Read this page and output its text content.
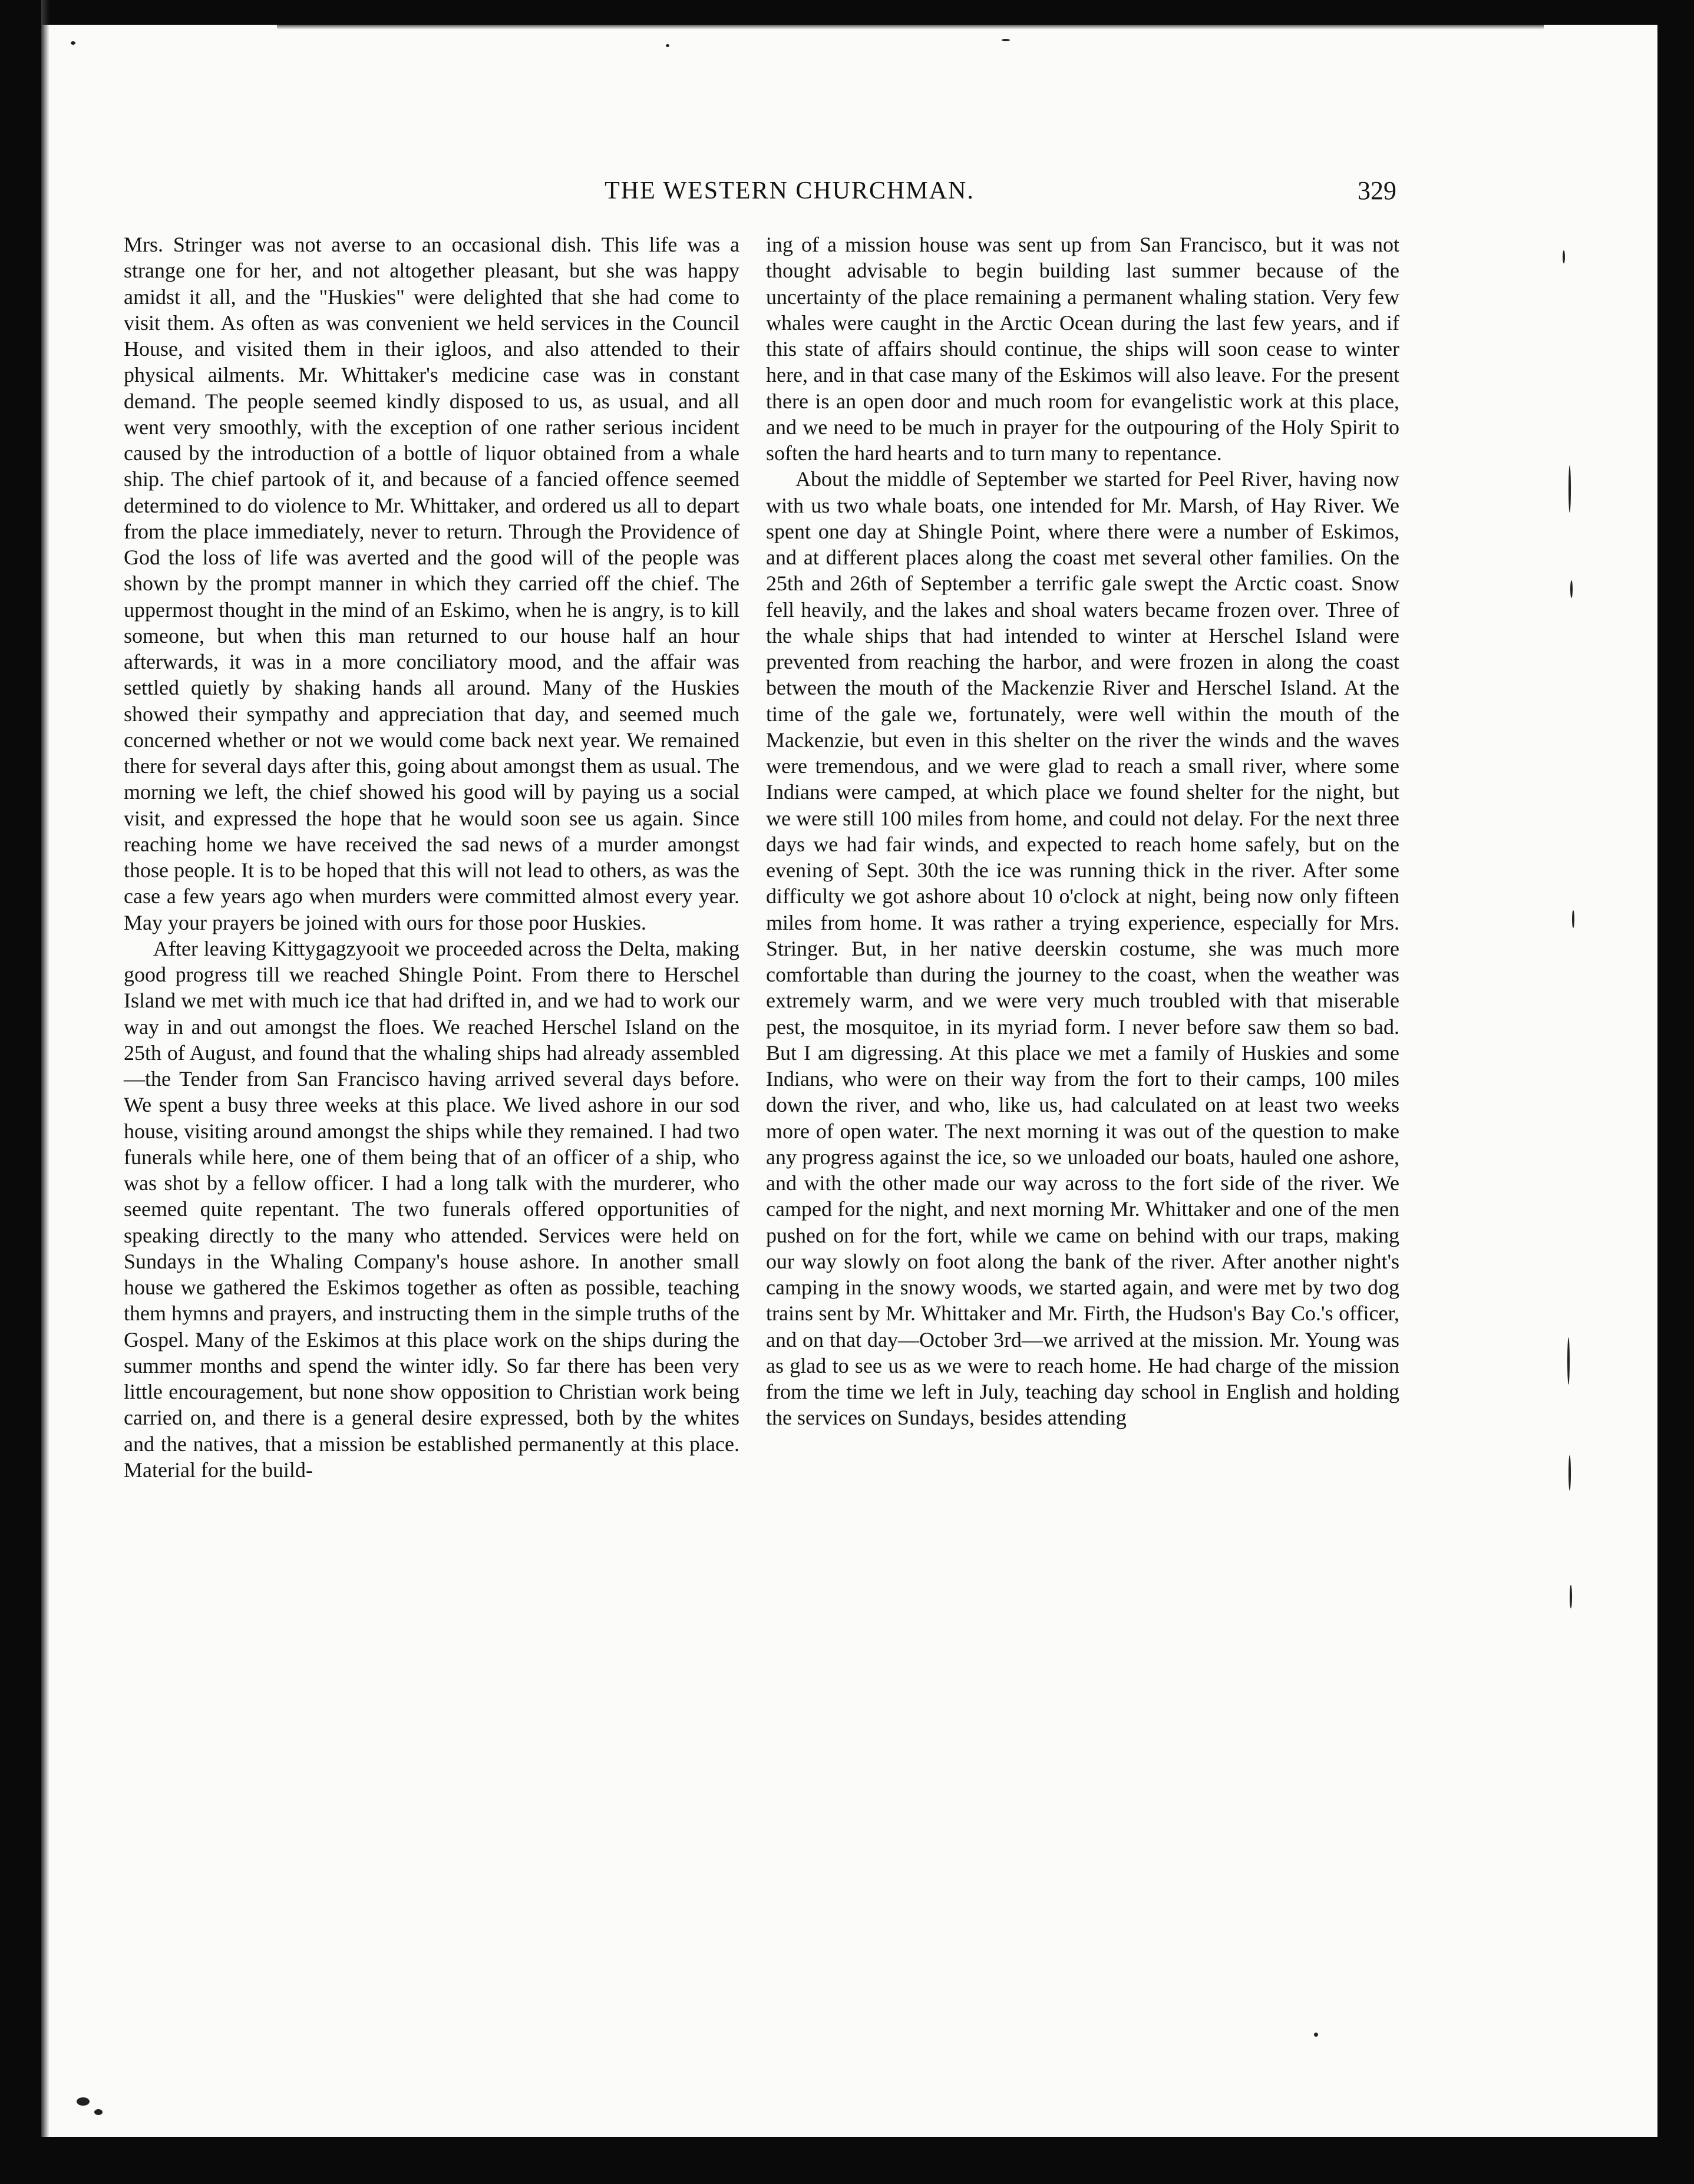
THE WESTERN CHURCHMAN.	329

Mrs. Stringer was not averse to an occasional dish. This life was a strange one for her, and not altogether pleasant, but she was happy amidst it all, and the "Huskies" were delighted that she had come to visit them. As often as was convenient we held services in the Council House, and visited them in their igloos, and also attended to their physical ailments. Mr. Whittaker's medicine case was in constant demand. The people seemed kindly disposed to us, as usual, and all went very smoothly, with the exception of one rather serious incident caused by the introduction of a bottle of liquor obtained from a whale ship. The chief partook of it, and because of a fancied offence seemed determined to do violence to Mr. Whittaker, and ordered us all to depart from the place immediately, never to return. Through the Providence of God the loss of life was averted and the good will of the people was shown by the prompt manner in which they carried off the chief. The uppermost thought in the mind of an Eskimo, when he is angry, is to kill someone, but when this man returned to our house half an hour afterwards, it was in a more conciliatory mood, and the affair was settled quietly by shaking hands all around. Many of the Huskies showed their sympathy and appreciation that day, and seemed much concerned whether or not we would come back next year. We remained there for several days after this, going about amongst them as usual. The morning we left, the chief showed his good will by paying us a social visit, and expressed the hope that he would soon see us again. Since reaching home we have received the sad news of a murder amongst those people. It is to be hoped that this will not lead to others, as was the case a few years ago when murders were committed almost every year. May your prayers be joined with ours for those poor Huskies.

After leaving Kittygagzyooit we proceeded across the Delta, making good progress till we reached Shingle Point. From there to Herschel Island we met with much ice that had drifted in, and we had to work our way in and out amongst the floes. We reached Herschel Island on the 25th of August, and found that the whaling ships had already assembled—the Tender from San Francisco having arrived several days before. We spent a busy three weeks at this place. We lived ashore in our sod house, visiting around amongst the ships while they remained. I had two funerals while here, one of them being that of an officer of a ship, who was shot by a fellow officer. I had a long talk with the murderer, who seemed quite repentant. The two funerals offered opportunities of speaking directly to the many who attended. Services were held on Sundays in the Whaling Company's house ashore. In another small house we gathered the Eskimos together as often as possible, teaching them hymns and prayers, and instructing them in the simple truths of the Gospel. Many of the Eskimos at this place work on the ships during the summer months and spend the winter idly. So far there has been very little encouragement, but none show opposition to Christian work being carried on, and there is a general desire expressed, both by the whites and the natives, that a mission be established permanently at this place. Material for the build-

ing of a mission house was sent up from San Francisco, but it was not thought advisable to begin building last summer because of the uncertainty of the place remaining a permanent whaling station. Very few whales were caught in the Arctic Ocean during the last few years, and if this state of affairs should continue, the ships will soon cease to winter here, and in that case many of the Eskimos will also leave. For the present there is an open door and much room for evangelistic work at this place, and we need to be much in prayer for the outpouring of the Holy Spirit to soften the hard hearts and to turn many to repentance.

About the middle of September we started for Peel River, having now with us two whale boats, one intended for Mr. Marsh, of Hay River. We spent one day at Shingle Point, where there were a number of Eskimos, and at different places along the coast met several other families. On the 25th and 26th of September a terrific gale swept the Arctic coast. Snow fell heavily, and the lakes and shoal waters became frozen over. Three of the whale ships that had intended to winter at Herschel Island were prevented from reaching the harbor, and were frozen in along the coast between the mouth of the Mackenzie River and Herschel Island. At the time of the gale we, fortunately, were well within the mouth of the Mackenzie, but even in this shelter on the river the winds and the waves were tremendous, and we were glad to reach a small river, where some Indians were camped, at which place we found shelter for the night, but we were still 100 miles from home, and could not delay. For the next three days we had fair winds, and expected to reach home safely, but on the evening of Sept. 30th the ice was running thick in the river. After some difficulty we got ashore about 10 o'clock at night, being now only fifteen miles from home. It was rather a trying experience, especially for Mrs. Stringer. But, in her native deerskin costume, she was much more comfortable than during the journey to the coast, when the weather was extremely warm, and we were very much troubled with that miserable pest, the mosquitoe, in its myriad form. I never before saw them so bad. But I am digressing. At this place we met a family of Huskies and some Indians, who were on their way from the fort to their camps, 100 miles down the river, and who, like us, had calculated on at least two weeks more of open water. The next morning it was out of the question to make any progress against the ice, so we unloaded our boats, hauled one ashore, and with the other made our way across to the fort side of the river. We camped for the night, and next morning Mr. Whittaker and one of the men pushed on for the fort, while we came on behind with our traps, making our way slowly on foot along the bank of the river. After another night's camping in the snowy woods, we started again, and were met by two dog trains sent by Mr. Whittaker and Mr. Firth, the Hudson's Bay Co.'s officer, and on that day—October 3rd—we arrived at the mission. Mr. Young was as glad to see us as we were to reach home. He had charge of the mission from the time we left in July, teaching day school in English and holding the services on Sundays, besides attending
